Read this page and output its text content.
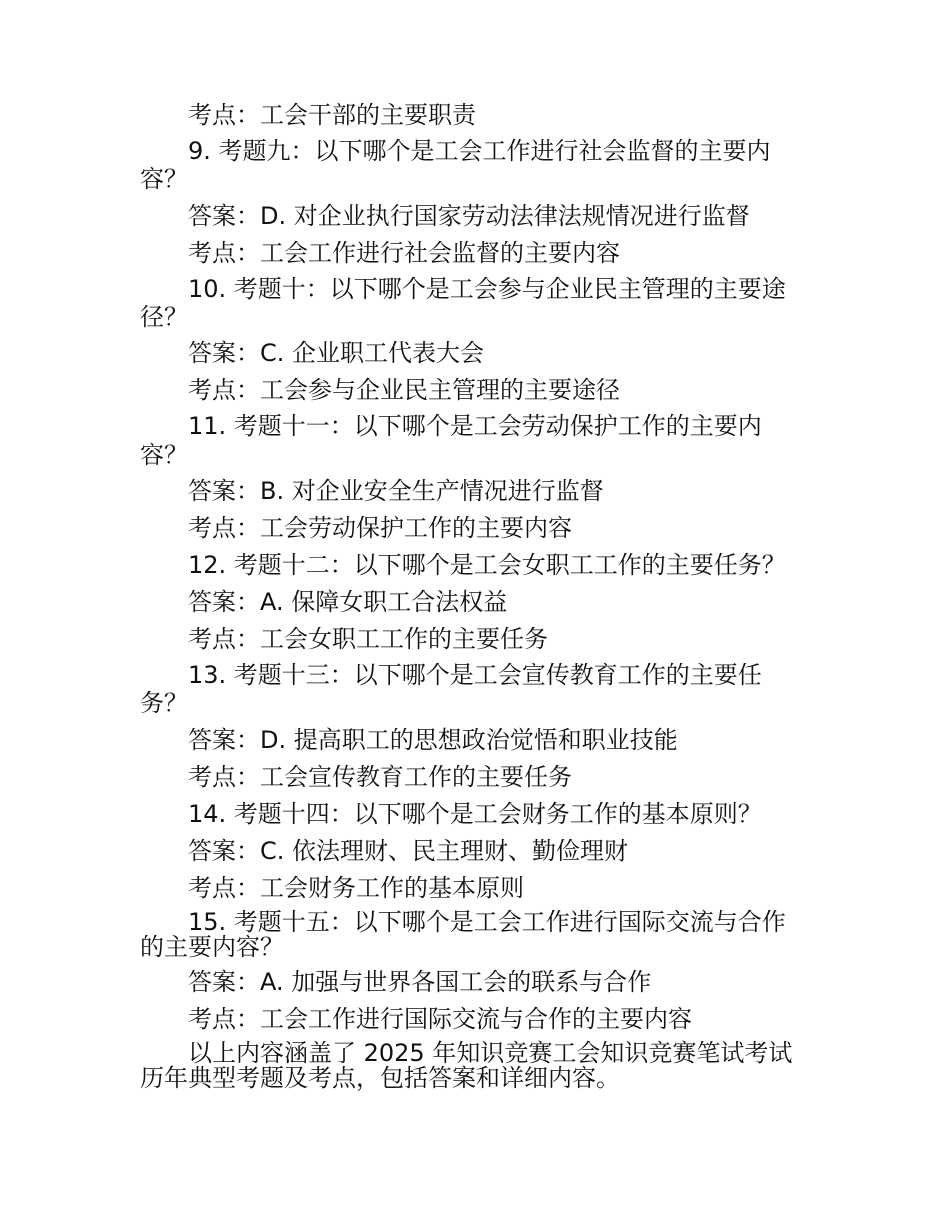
考点：工会干部的主要职责

9. 考题九：以下哪个是工会工作进行社会监督的主要内容？

答案：D. 对企业执行国家劳动法律法规情况进行监督

考点：工会工作进行社会监督的主要内容

10. 考题十：以下哪个是工会参与企业民主管理的主要途径？

答案：C. 企业职工代表大会

考点：工会参与企业民主管理的主要途径

11. 考题十一：以下哪个是工会劳动保护工作的主要内容？

答案：B. 对企业安全生产情况进行监督

考点：工会劳动保护工作的主要内容

12. 考题十二：以下哪个是工会女职工工作的主要任务？

答案：A. 保障女职工合法权益

考点：工会女职工工作的主要任务

13. 考题十三：以下哪个是工会宣传教育工作的主要任务？

答案：D. 提高职工的思想政治觉悟和职业技能

考点：工会宣传教育工作的主要任务

14. 考题十四：以下哪个是工会财务工作的基本原则？

答案：C. 依法理财、民主理财、勤俭理财

考点：工会财务工作的基本原则

15. 考题十五：以下哪个是工会工作进行国际交流与合作的主要内容？

答案：A. 加强与世界各国工会的联系与合作

考点：工会工作进行国际交流与合作的主要内容

以上内容涵盖了 2025 年知识竞赛工会知识竞赛笔试考试历年典型考题及考点，包括答案和详细内容。
